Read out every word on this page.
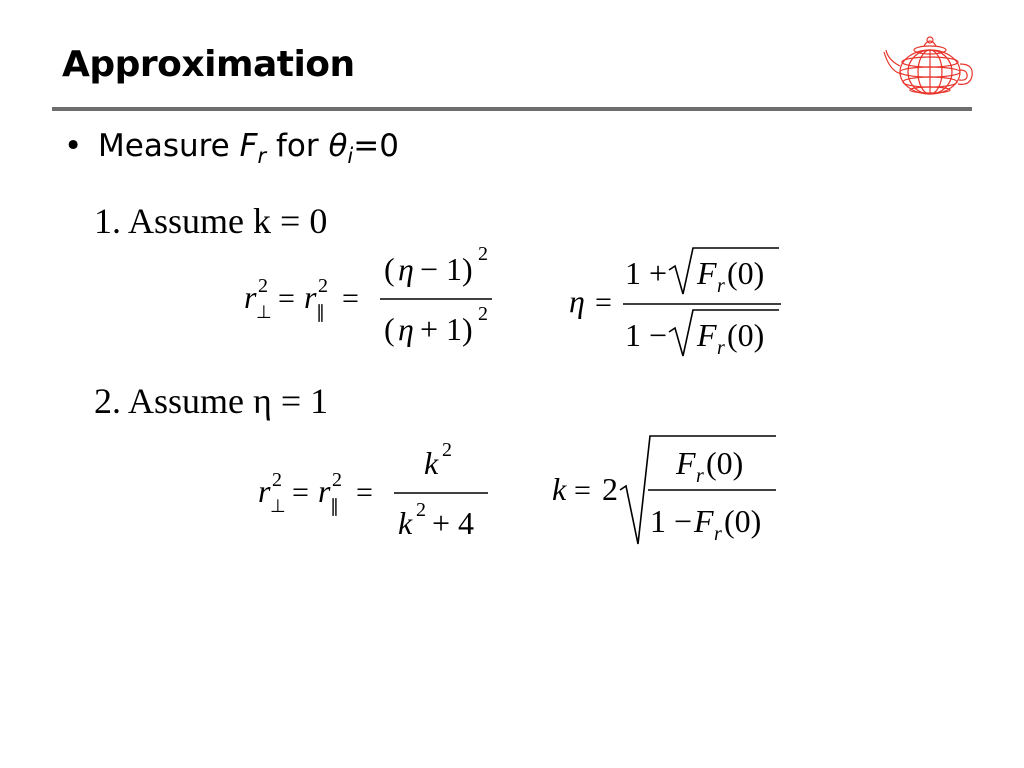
Approximation
• Measure $F_r$ for $\theta_i=0$
1. Assume k = 0
2. Assume η = 1
r 2
⊥ = r 2
∥ =
( η − 1) 2
( η + 1) 2	η =
1 + F r (0)
1 − F r (0)
r 2
⊥ = r 2
∥ =
k 2
k 2 + 4
k = 2
F r (0)
1 − F r (0)
